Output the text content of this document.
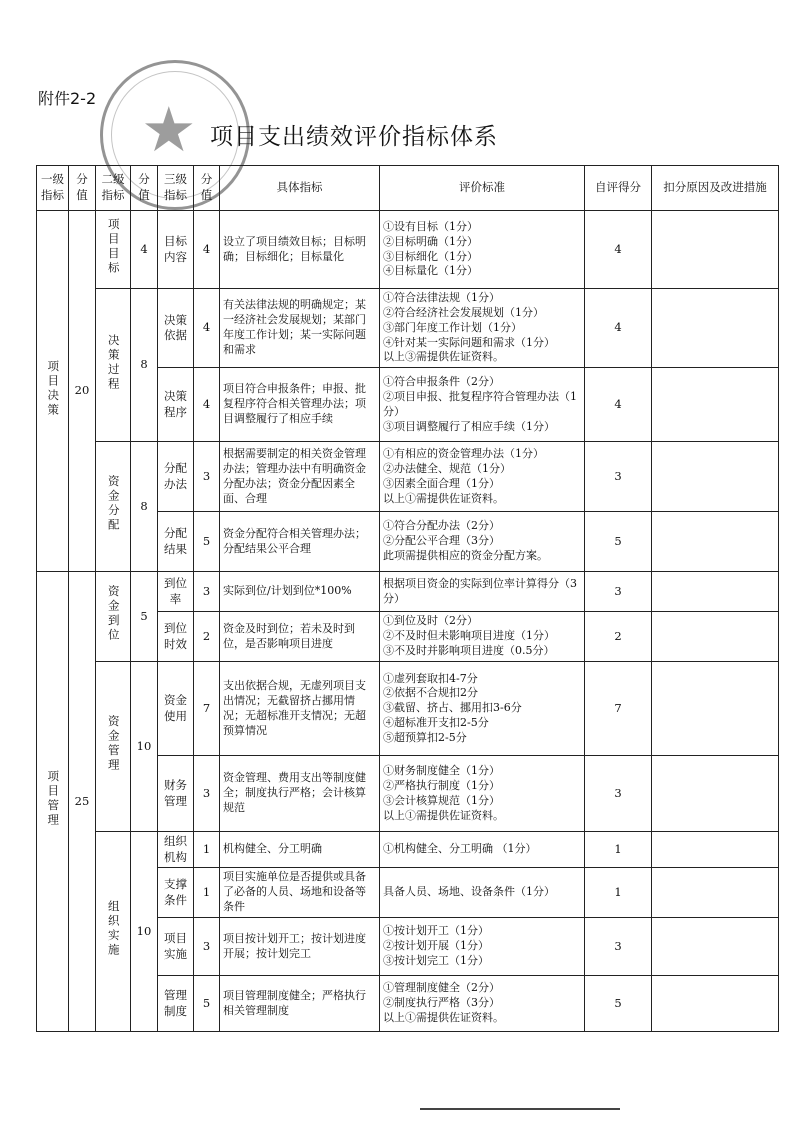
附件2-2 ★ 项目支出绩效评价指标体系
一级指标	分值	二级指标	分值	三级指标	分值	具体指标	评价标准	自评得分	扣分原因及改进措施
项目决策	20	项目目标	4	目标内容	4	设立了项目绩效目标；目标明确；目标细化；目标量化	①设有目标（1分）
②目标明确（1分）
③目标细化（1分）
④目标量化（1分）	4	
		决策过程	8	决策依据	4	有关法律法规的明确规定；某一经济社会发展规划；某部门年度工作计划；某一实际问题和需求	①符合法律法规（1分）
②符合经济社会发展规划（1分）
③部门年度工作计划（1分）
④针对某一实际问题和需求（1分）
以上③需提供佐证资料。	4	
				决策程序	4	项目符合申报条件；申报、批复程序符合相关管理办法；项目调整履行了相应手续	①符合申报条件（2分）
②项目申报、批复程序符合管理办法（1分）
③项目调整履行了相应手续（1分）	4	
		资金分配	8	分配办法	3	根据需要制定的相关资金管理办法；管理办法中有明确资金分配办法；资金分配因素全面、合理	①有相应的资金管理办法（1分）
②办法健全、规范（1分）
③因素全面合理（1分）
以上①需提供佐证资料。	3	
				分配结果	5	资金分配符合相关管理办法；分配结果公平合理	①符合分配办法（2分）
②分配公平合理（3分）
此项需提供相应的资金分配方案。	5	
项目管理	25	资金到位	5	到位率	3	实际到位/计划到位*100%	根据项目资金的实际到位率计算得分（3分）	3	
				到位时效	2	资金及时到位；若未及时到位，是否影响项目进度	①到位及时（2分）
②不及时但未影响项目进度（1分）
③不及时并影响项目进度（0.5分）	2	
		资金管理	10	资金使用	7	支出依据合规，无虚列项目支出情况；无截留挤占挪用情况；无超标准开支情况；无超预算情况	①虚列套取扣4-7分
②依据不合规扣2分
③截留、挤占、挪用扣3-6分
④超标准开支扣2-5分
⑤超预算扣2-5分	7	
				财务管理	3	资金管理、费用支出等制度健全；制度执行严格；会计核算规范	①财务制度健全（1分）
②严格执行制度（1分）
③会计核算规范（1分）
以上①需提供佐证资料。	3	
		组织实施	10	组织机构	1	机构健全、分工明确	①机构健全、分工明确 （1分）	1	
				支撑条件	1	项目实施单位是否提供或具备了必备的人员、场地和设备等条件	具备人员、场地、设备条件（1分）	1	
				项目实施	3	项目按计划开工；按计划进度开展；按计划完工	①按计划开工（1分）
②按计划开展（1分）
③按计划完工（1分）	3	
				管理制度	5	项目管理制度健全；严格执行相关管理制度	①管理制度健全（2分）
②制度执行严格（3分）
以上①需提供佐证资料。	5	
